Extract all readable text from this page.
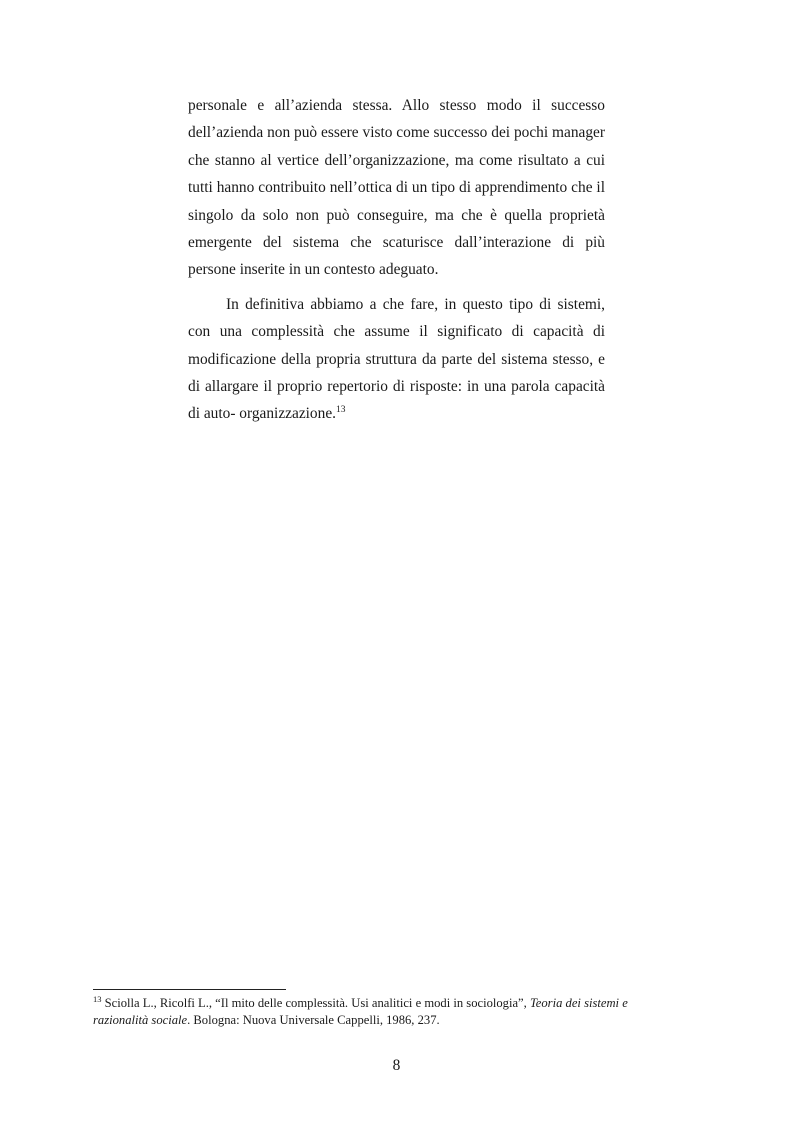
personale e all’azienda stessa. Allo stesso modo il successo dell’azienda non può essere visto come successo dei pochi manager che stanno al vertice dell’organizzazione, ma come risultato a cui tutti hanno contribuito nell’ottica di un tipo di apprendimento che il singolo da solo non può conseguire, ma che è quella proprietà emergente del sistema che scaturisce dall’interazione di più persone inserite in un contesto adeguato.

In definitiva abbiamo a che fare, in questo tipo di sistemi, con una complessità che assume il significato di capacità di modificazione della propria struttura da parte del sistema stesso, e di allargare il proprio repertorio di risposte: in una parola capacità di auto- organizzazione.$^{13}$

$^{13}$ Sciolla L., Ricolfi L., “Il mito delle complessità. Usi analitici e modi in sociologia”, Teoria dei sistemi e razionalità sociale. Bologna: Nuova Universale Cappelli, 1986, 237.
8
